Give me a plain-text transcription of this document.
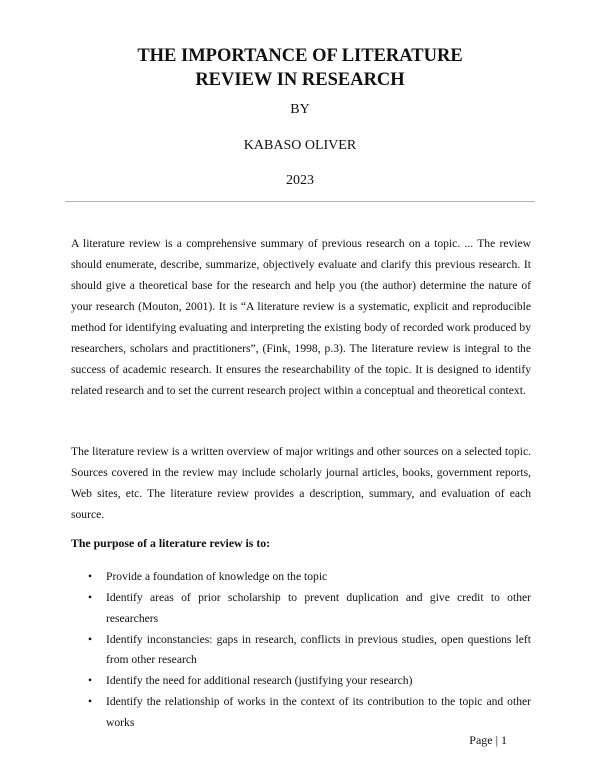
THE IMPORTANCE OF LITERATURE
REVIEW IN RESEARCH

BY

KABASO OLIVER

2023

A literature review is a comprehensive summary of previous research on a topic. ... The review should enumerate, describe, summarize, objectively evaluate and clarify this previous research. It should give a theoretical base for the research and help you (the author) determine the nature of your research (Mouton, 2001). It is “A literature review is a systematic, explicit and reproducible method for identifying evaluating and interpreting the existing body of recorded work produced by researchers, scholars and practitioners”, (Fink, 1998, p.3). The literature review is integral to the success of academic research. It ensures the researchability of the topic. It is designed to identify related research and to set the current research project within a conceptual and theoretical context.

The literature review is a written overview of major writings and other sources on a selected topic. Sources covered in the review may include scholarly journal articles, books, government reports, Web sites, etc. The literature review provides a description, summary, and evaluation of each source.

The purpose of a literature review is to:

• Provide a foundation of knowledge on the topic
• Identify areas of prior scholarship to prevent duplication and give credit to other researchers
• Identify inconstancies: gaps in research, conflicts in previous studies, open questions left from other research
• Identify the need for additional research (justifying your research)
• Identify the relationship of works in the context of its contribution to the topic and other works
Page | 1
